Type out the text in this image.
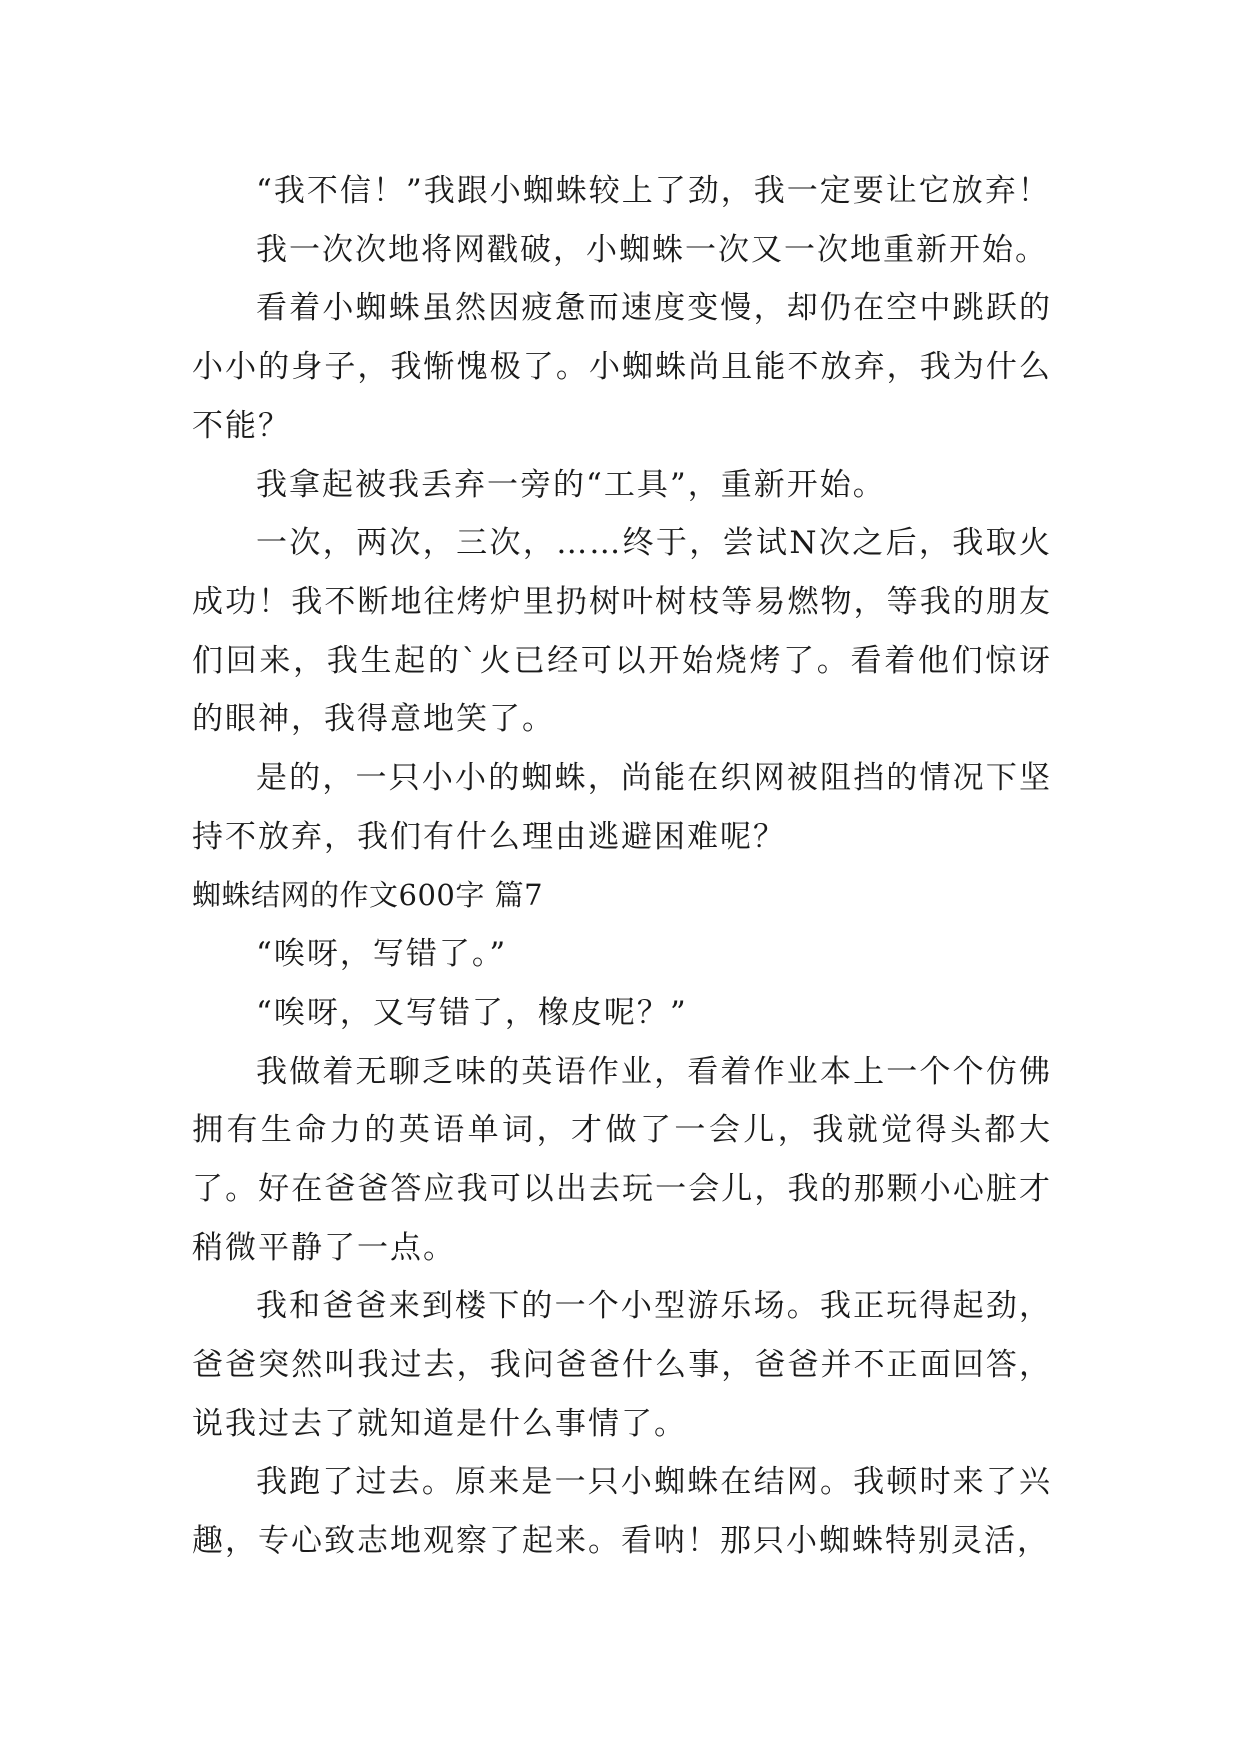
“我不信！”我跟小蜘蛛较上了劲，我一定要让它放弃！

我一次次地将网戳破，小蜘蛛一次又一次地重新开始。

看着小蜘蛛虽然因疲惫而速度变慢，却仍在空中跳跃的小小的身子，我惭愧极了。小蜘蛛尚且能不放弃，我为什么不能？

我拿起被我丢弃一旁的“工具”，重新开始。

一次，两次，三次，……终于，尝试N次之后，我取火成功！我不断地往烤炉里扔树叶树枝等易燃物，等我的朋友们回来，我生起的`火已经可以开始烧烤了。看着他们惊讶的眼神，我得意地笑了。

是的，一只小小的蜘蛛，尚能在织网被阻挡的情况下坚持不放弃，我们有什么理由逃避困难呢？

蜘蛛结网的作文600字 篇7

“唉呀，写错了。”

“唉呀，又写错了，橡皮呢？”

我做着无聊乏味的英语作业，看着作业本上一个个仿佛拥有生命力的英语单词，才做了一会儿，我就觉得头都大了。好在爸爸答应我可以出去玩一会儿，我的那颗小心脏才稍微平静了一点。

我和爸爸来到楼下的一个小型游乐场。我正玩得起劲，爸爸突然叫我过去，我问爸爸什么事，爸爸并不正面回答，说我过去了就知道是什么事情了。

我跑了过去。原来是一只小蜘蛛在结网。我顿时来了兴趣，专心致志地观察了起来。看呐！那只小蜘蛛特别灵活，
